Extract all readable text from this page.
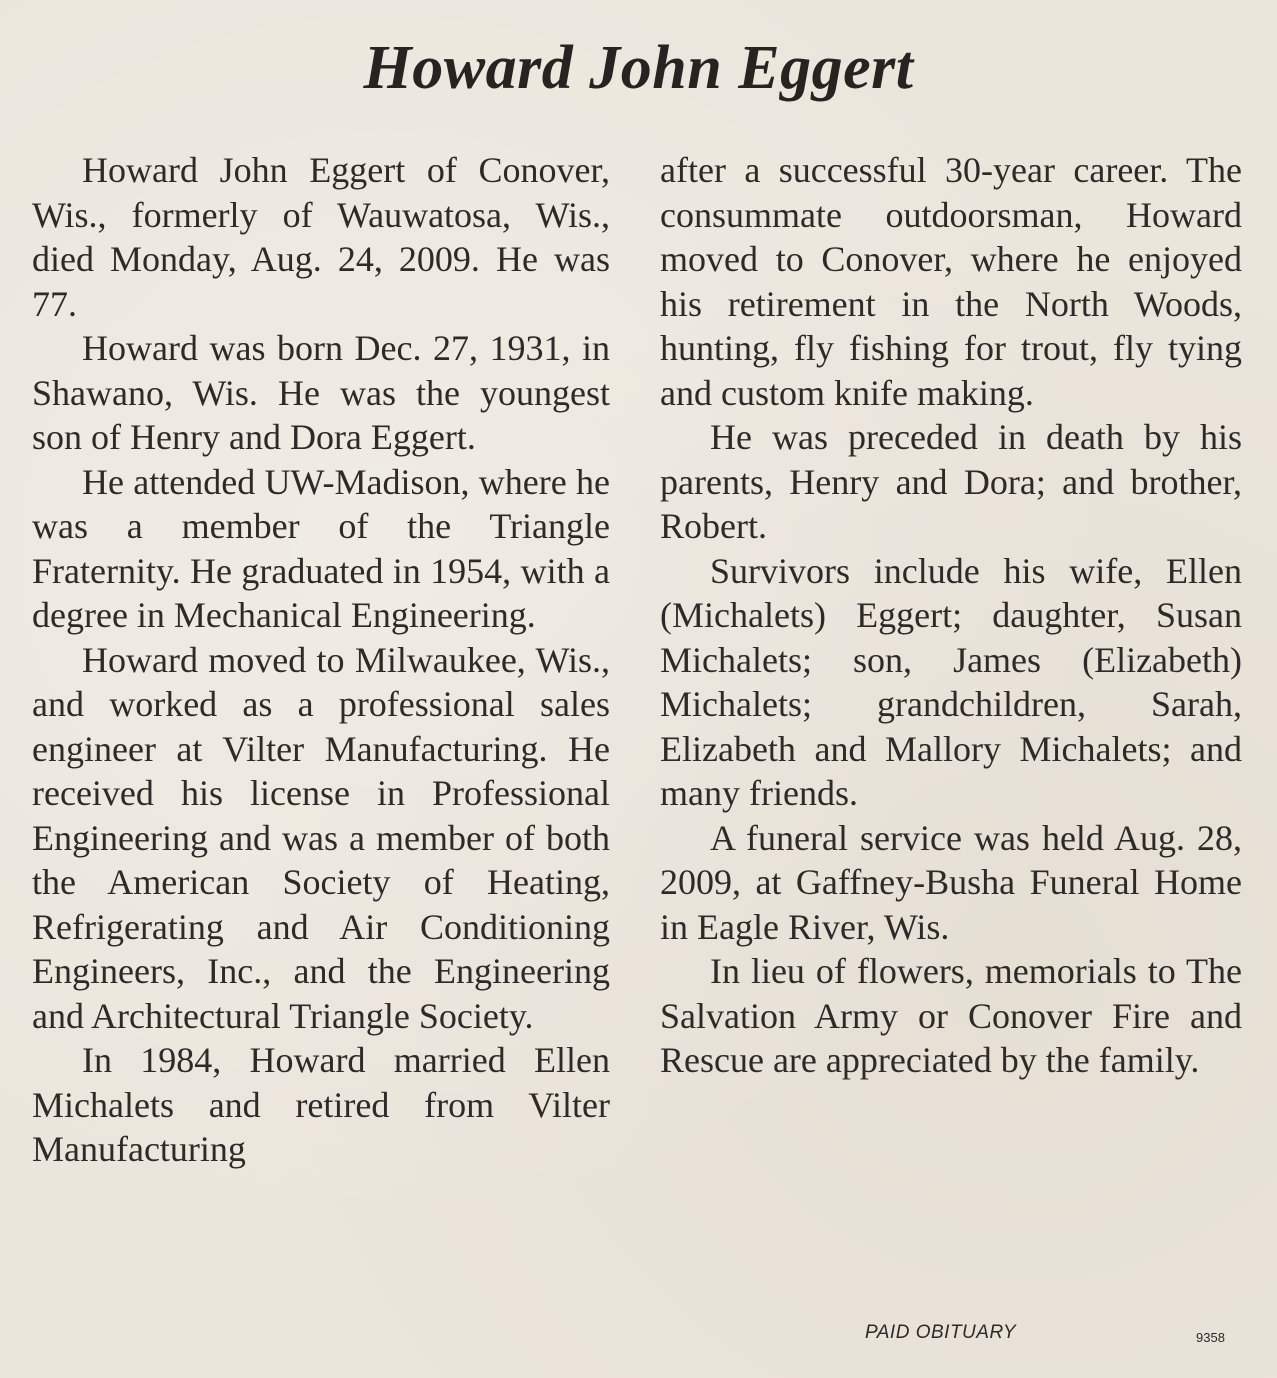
Howard John Eggert

Howard John Eggert of Conover, Wis., formerly of Wauwatosa, Wis., died Monday, Aug. 24, 2009. He was 77.

Howard was born Dec. 27, 1931, in Shawano, Wis. He was the youngest son of Henry and Dora Eggert.

He attended UW-Madison, where he was a member of the Triangle Fraternity. He graduated in 1954, with a degree in Mechanical Engineering.

Howard moved to Milwaukee, Wis., and worked as a professional sales engineer at Vilter Manufacturing. He received his license in Professional Engineering and was a member of both the American Society of Heating, Refrigerating and Air Conditioning Engineers, Inc., and the Engineering and Architectural Triangle Society.

In 1984, Howard married Ellen Michalets and retired from Vilter Manufacturing

after a successful 30-year career. The consummate outdoorsman, Howard moved to Conover, where he enjoyed his retirement in the North Woods, hunting, fly fishing for trout, fly tying and custom knife making.

He was preceded in death by his parents, Henry and Dora; and brother, Robert.

Survivors include his wife, Ellen (Michalets) Eggert; daughter, Susan Michalets; son, James (Elizabeth) Michalets; grandchildren, Sarah, Elizabeth and Mallory Michalets; and many friends.

A funeral service was held Aug. 28, 2009, at Gaffney-Busha Funeral Home in Eagle River, Wis.

In lieu of flowers, memorials to The Salvation Army or Conover Fire and Rescue are appreciated by the family.

PAID OBITUARY	9358
